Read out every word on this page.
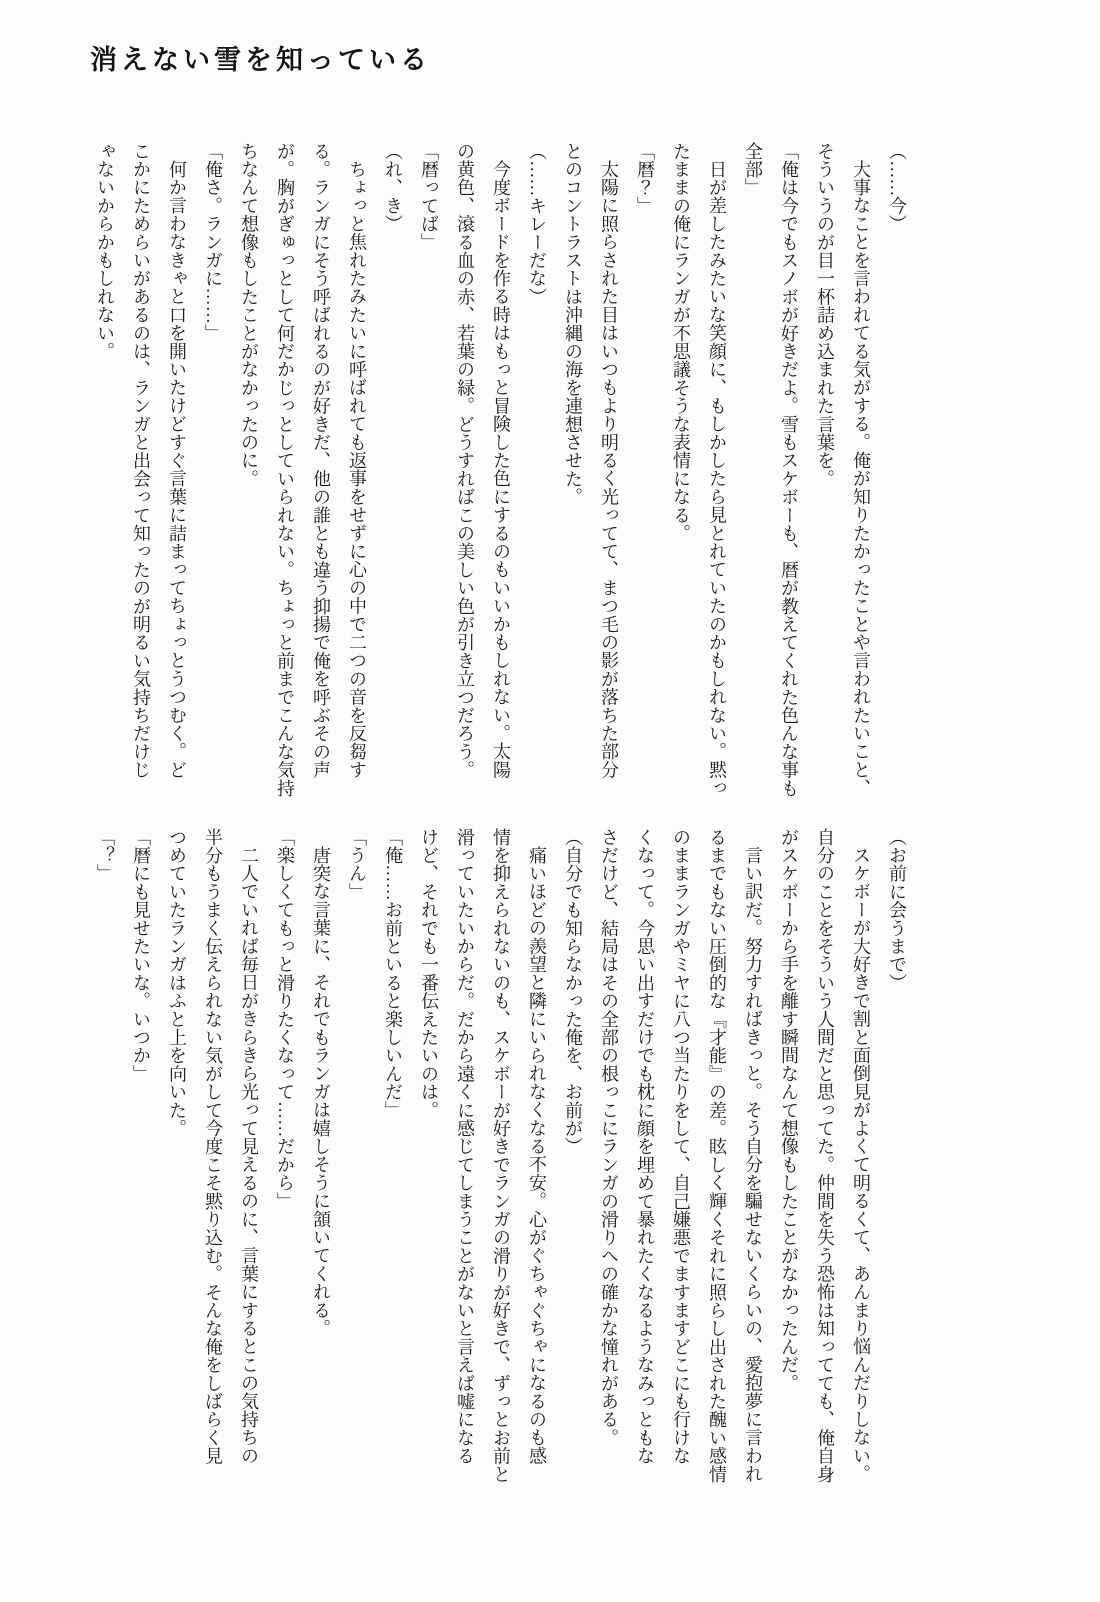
消えない雪を知っている

（……今）

大事なことを言われてる気がする。俺が知りたかったことや言われたいこと、

そういうのが目一杯詰め込まれた言葉を。

「俺は今でもスノボが好きだよ。雪もスケボーも、暦が教えてくれた色んな事も

全部」

日が差したみたいな笑顔に、もしかしたら見とれていたのかもしれない。黙っ

たままの俺にランガが不思議そうな表情になる。

「暦？」

太陽に照らされた目はいつもより明るく光ってて、まつ毛の影が落ちた部分

とのコントラストは沖縄の海を連想させた。

（……キレーだな）

今度ボードを作る時はもっと冒険した色にするのもいいかもしれない。太陽

の黄色、滾る血の赤、若葉の緑。どうすればこの美しい色が引き立つだろう。

「暦ってば」

（れ、き）

ちょっと焦れたみたいに呼ばれても返事をせずに心の中で二つの音を反芻す

る。ランガにそう呼ばれるのが好きだ、他の誰とも違う抑揚で俺を呼ぶその声

が。胸がぎゅっとして何だかじっとしていられない。ちょっと前までこんな気持

ちなんて想像もしたことがなかったのに。

「俺さ。ランガに……」

何か言わなきゃと口を開いたけどすぐ言葉に詰まってちょっとうつむく。ど

こかにためらいがあるのは、ランガと出会って知ったのが明るい気持ちだけじ

ゃないからかもしれない。

（お前に会うまで）

スケボーが大好きで割と面倒見がよくて明るくて、あんまり悩んだりしない。

自分のことをそういう人間だと思ってた。仲間を失う恐怖は知ってても、俺自身

がスケボーから手を離す瞬間なんて想像もしたことがなかったんだ。

言い訳だ。努力すればきっと。そう自分を騙せないくらいの、愛抱夢に言われ

るまでもない圧倒的な『才能』の差。眩しく輝くそれに照らし出された醜い感情

のままランガやミヤに八つ当たりをして、自己嫌悪でますますどこにも行けな

くなって。今思い出すだけでも枕に顔を埋めて暴れたくなるようなみっともな

さだけど、結局はその全部の根っこにランガの滑りへの確かな憧れがある。

（自分でも知らなかった俺を、お前が）

痛いほどの羨望と隣にいられなくなる不安。心がぐちゃぐちゃになるのも感

情を抑えられないのも、スケボーが好きでランガの滑りが好きで、ずっとお前と

滑っていたいからだ。だから遠くに感じてしまうことがないと言えば嘘になる

けど、それでも一番伝えたいのは。

「俺……お前といると楽しいんだ」

「うん」

唐突な言葉に、それでもランガは嬉しそうに頷いてくれる。

「楽しくてもっと滑りたくなって……だから」

二人でいれば毎日がきらきら光って見えるのに、言葉にするとこの気持ちの

半分もうまく伝えられない気がして今度こそ黙り込む。そんな俺をしばらく見

つめていたランガはふと上を向いた。

「暦にも見せたいな。いつか」

「？」
